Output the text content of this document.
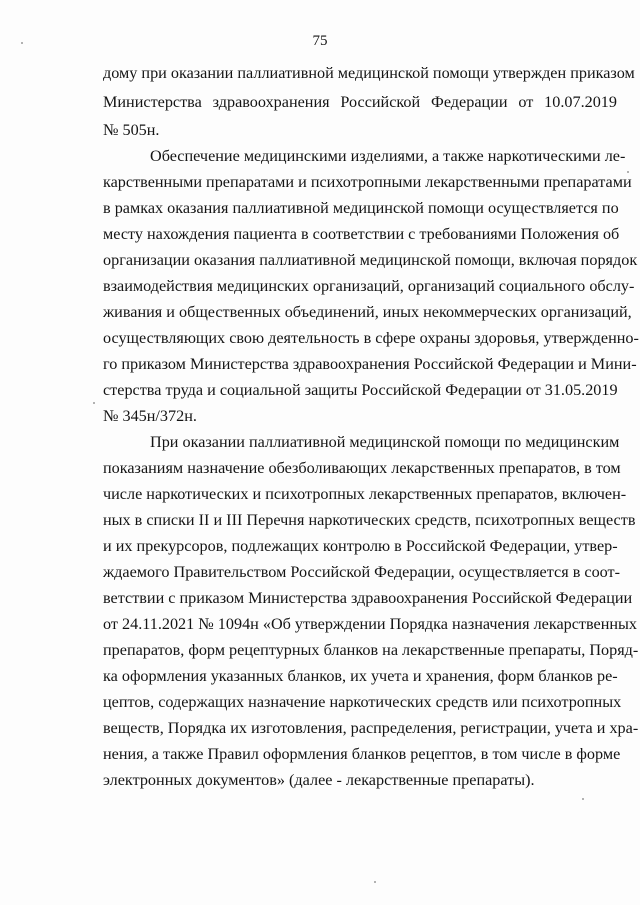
75
дому при оказании паллиативной медицинской помощи утвержден приказом
Министерства здравоохранения Российской Федерации от 10.07.2019
№ 505н.
Обеспечение медицинскими изделиями, а также наркотическими ле-
карственными препаратами и психотропными лекарственными препаратами
в рамках оказания паллиативной медицинской помощи осуществляется по
месту нахождения пациента в соответствии с требованиями Положения об
организации оказания паллиативной медицинской помощи, включая порядок
взаимодействия медицинских организаций, организаций социального обслу-
живания и общественных объединений, иных некоммерческих организаций,
осуществляющих свою деятельность в сфере охраны здоровья, утвержденно-
го приказом Министерства здравоохранения Российской Федерации и Мини-
стерства труда и социальной защиты Российской Федерации от 31.05.2019
№ 345н/372н.
При оказании паллиативной медицинской помощи по медицинским
показаниям назначение обезболивающих лекарственных препаратов, в том
числе наркотических и психотропных лекарственных препаратов, включен-
ных в списки II и III Перечня наркотических средств, психотропных веществ
и их прекурсоров, подлежащих контролю в Российской Федерации, утвер-
ждаемого Правительством Российской Федерации, осуществляется в соот-
ветствии с приказом Министерства здравоохранения Российской Федерации
от 24.11.2021 № 1094н «Об утверждении Порядка назначения лекарственных
препаратов, форм рецептурных бланков на лекарственные препараты, Поряд-
ка оформления указанных бланков, их учета и хранения, форм бланков ре-
цептов, содержащих назначение наркотических средств или психотропных
веществ, Порядка их изготовления, распределения, регистрации, учета и хра-
нения, а также Правил оформления бланков рецептов, в том числе в форме
электронных документов» (далее - лекарственные препараты).
